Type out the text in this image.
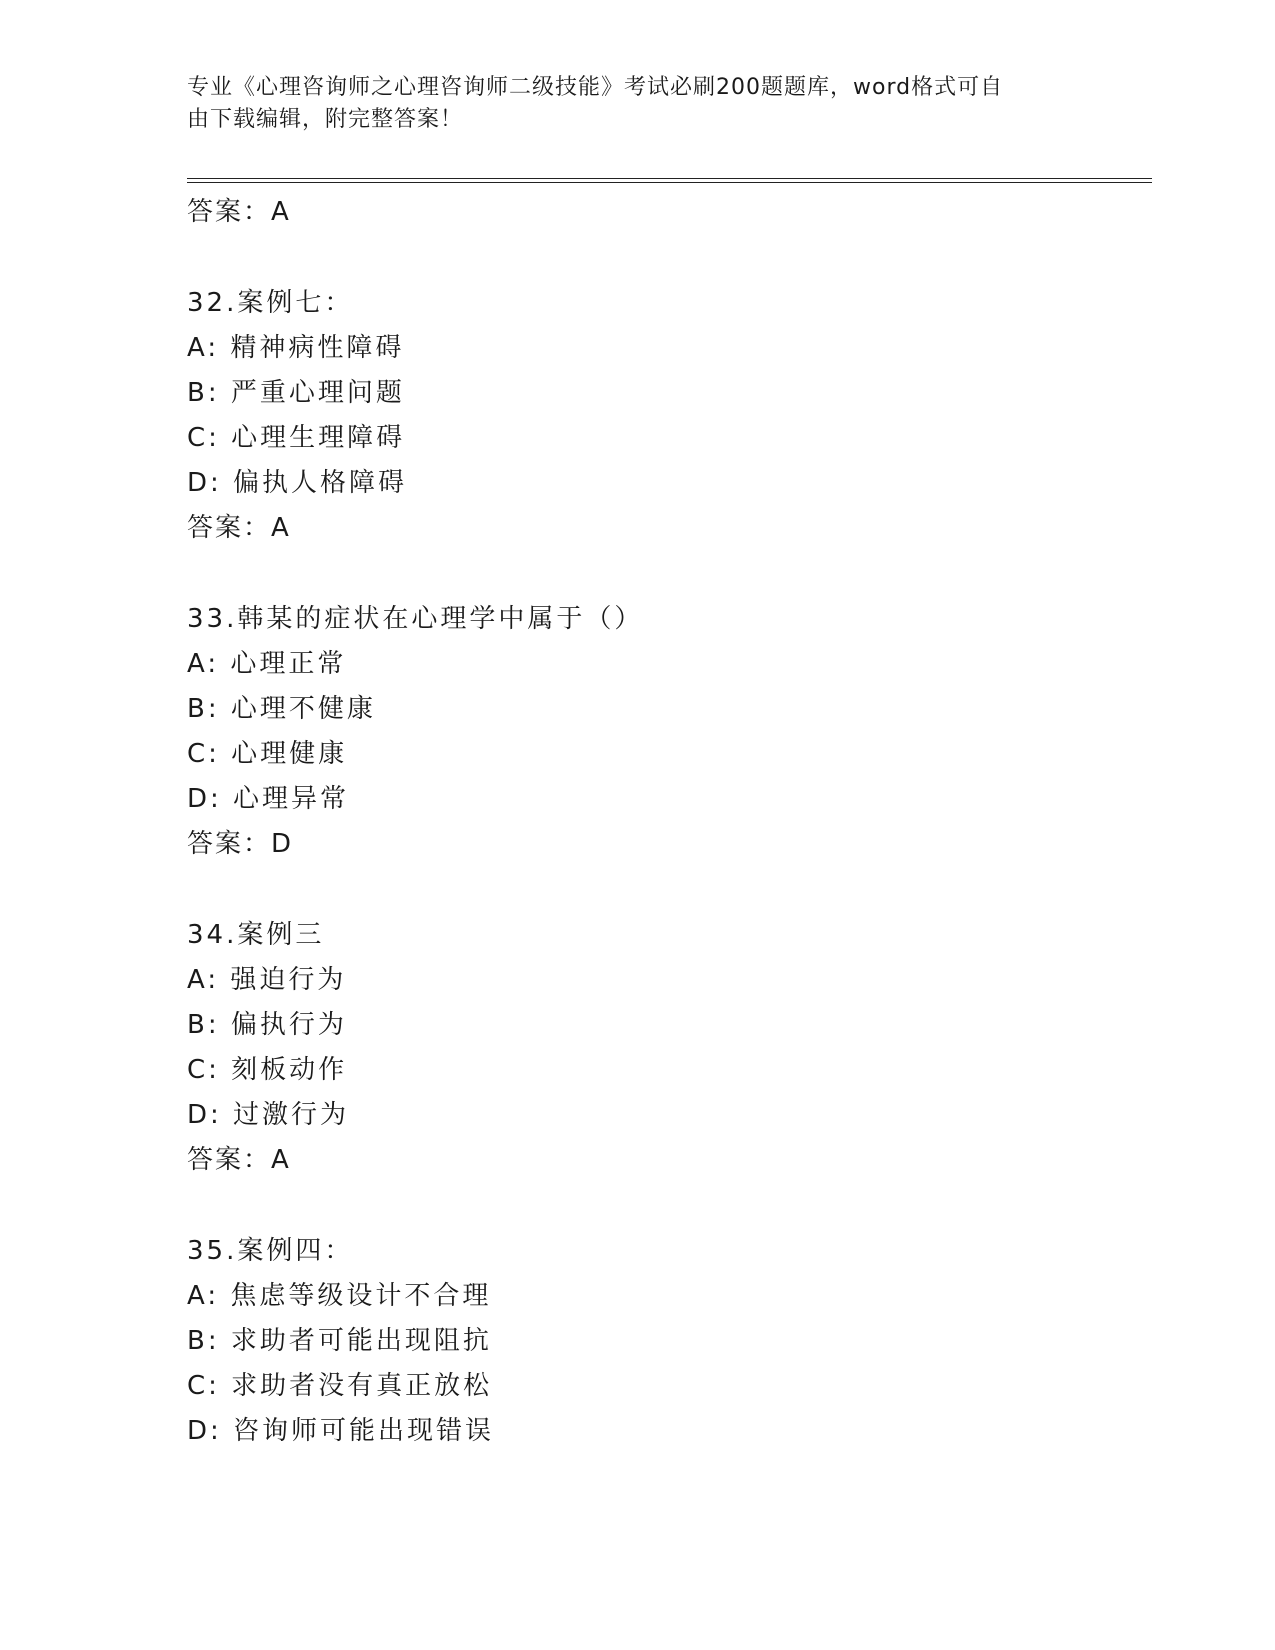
专业《心理咨询师之心理咨询师二级技能》考试必刷200题题库，word格式可自
由下载编辑，附完整答案！
答案：A
32.案例七：
A: 精神病性障碍
B: 严重心理问题
C: 心理生理障碍
D: 偏执人格障碍
答案：A
33.韩某的症状在心理学中属于（）
A: 心理正常
B: 心理不健康
C: 心理健康
D: 心理异常
答案：D
34.案例三
A: 强迫行为
B: 偏执行为
C: 刻板动作
D: 过激行为
答案：A
35.案例四：
A: 焦虑等级设计不合理
B: 求助者可能出现阻抗
C: 求助者没有真正放松
D: 咨询师可能出现错误
